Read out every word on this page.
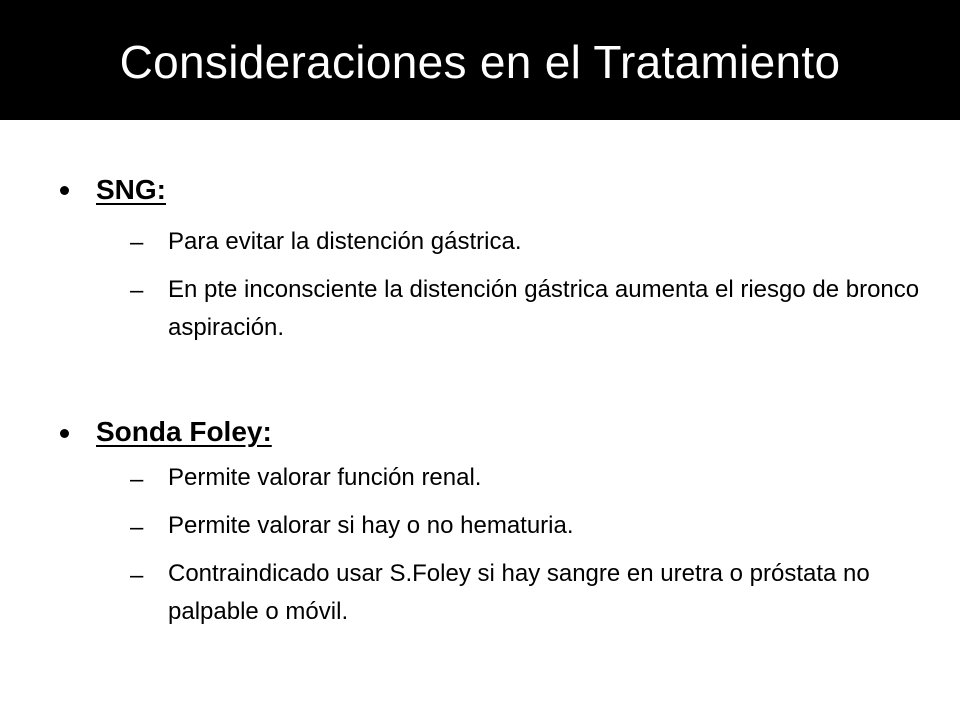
Consideraciones en el Tratamiento
SNG:
– Para evitar la distención gástrica.
– En pte inconsciente la distención gástrica aumenta el riesgo de bronco aspiración.
Sonda Foley:
– Permite valorar función renal.
– Permite valorar si hay o no hematuria.
– Contraindicado usar S.Foley si hay sangre en uretra o próstata no palpable o móvil.
